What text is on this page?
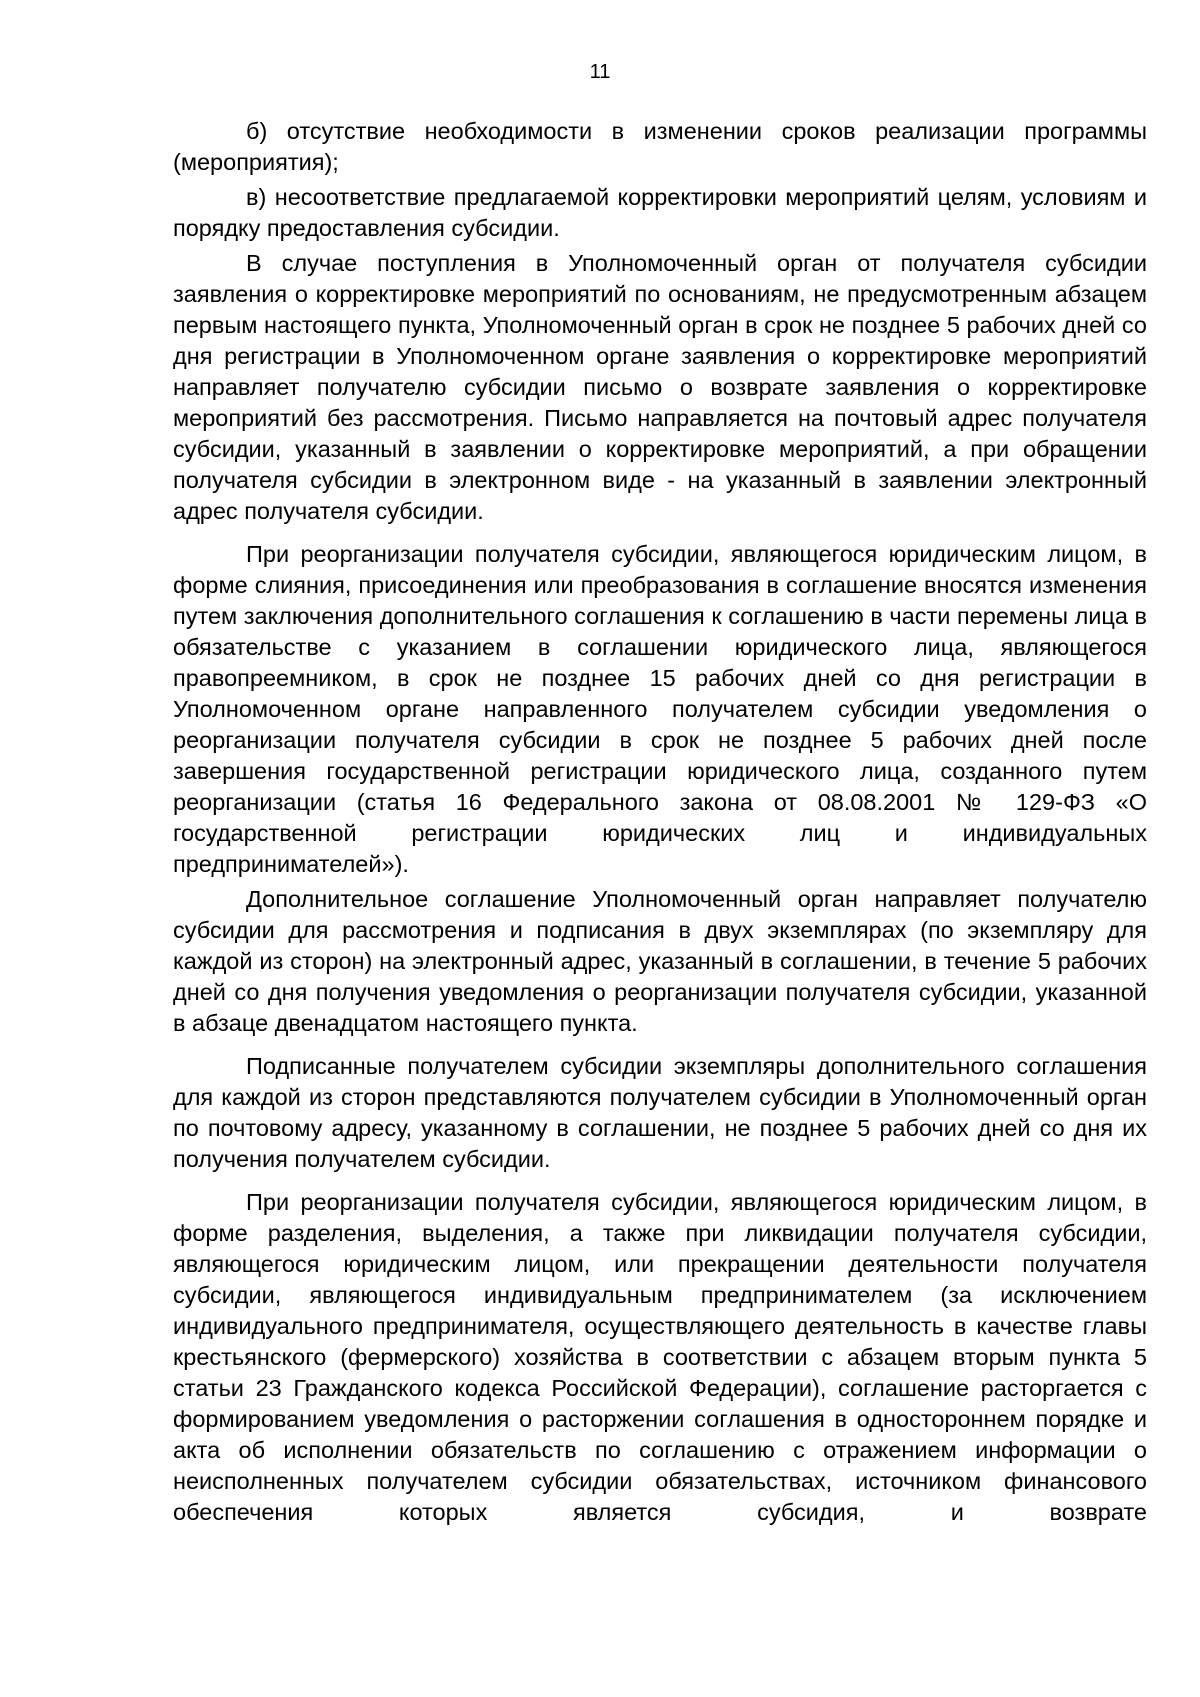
11

б) отсутствие необходимости в изменении сроков реализации программы (мероприятия);

в) несоответствие предлагаемой корректировки мероприятий целям, условиям и порядку предоставления субсидии.

В случае поступления в Уполномоченный орган от получателя субсидии заявления о корректировке мероприятий по основаниям, не предусмотренным абзацем первым настоящего пункта, Уполномоченный орган в срок не позднее 5 рабочих дней со дня регистрации в Уполномоченном органе заявления о корректировке мероприятий направляет получателю субсидии письмо о возврате заявления о корректировке мероприятий без рассмотрения. Письмо направляется на почтовый адрес получателя субсидии, указанный в заявлении о корректировке мероприятий, а при обращении получателя субсидии в электронном виде - на указанный в заявлении электронный адрес получателя субсидии.

При реорганизации получателя субсидии, являющегося юридическим лицом, в форме слияния, присоединения или преобразования в соглашение вносятся изменения путем заключения дополнительного соглашения к соглашению в части перемены лица в обязательстве с указанием в соглашении юридического лица, являющегося правопреемником, в срок не позднее 15 рабочих дней со дня регистрации в Уполномоченном органе направленного получателем субсидии уведомления о реорганизации получателя субсидии в срок не позднее 5 рабочих дней после завершения государственной регистрации юридического лица, созданного путем реорганизации (статья 16 Федерального закона от 08.08.2001 № 129-ФЗ «О государственной регистрации юридических лиц и индивидуальных предпринимателей»).

Дополнительное соглашение Уполномоченный орган направляет получателю субсидии для рассмотрения и подписания в двух экземплярах (по экземпляру для каждой из сторон) на электронный адрес, указанный в соглашении, в течение 5 рабочих дней со дня получения уведомления о реорганизации получателя субсидии, указанной в абзаце двенадцатом настоящего пункта.

Подписанные получателем субсидии экземпляры дополнительного соглашения для каждой из сторон представляются получателем субсидии в Уполномоченный орган по почтовому адресу, указанному в соглашении, не позднее 5 рабочих дней со дня их получения получателем субсидии.

При реорганизации получателя субсидии, являющегося юридическим лицом, в форме разделения, выделения, а также при ликвидации получателя субсидии, являющегося юридическим лицом, или прекращении деятельности получателя субсидии, являющегося индивидуальным предпринимателем (за исключением индивидуального предпринимателя, осуществляющего деятельность в качестве главы крестьянского (фермерского) хозяйства в соответствии с абзацем вторым пункта 5 статьи 23 Гражданского кодекса Российской Федерации), соглашение расторгается с формированием уведомления о расторжении соглашения в одностороннем порядке и акта об исполнении обязательств по соглашению с отражением информации о неисполненных получателем субсидии обязательствах, источником финансового обеспечения которых является субсидия, и возврате
